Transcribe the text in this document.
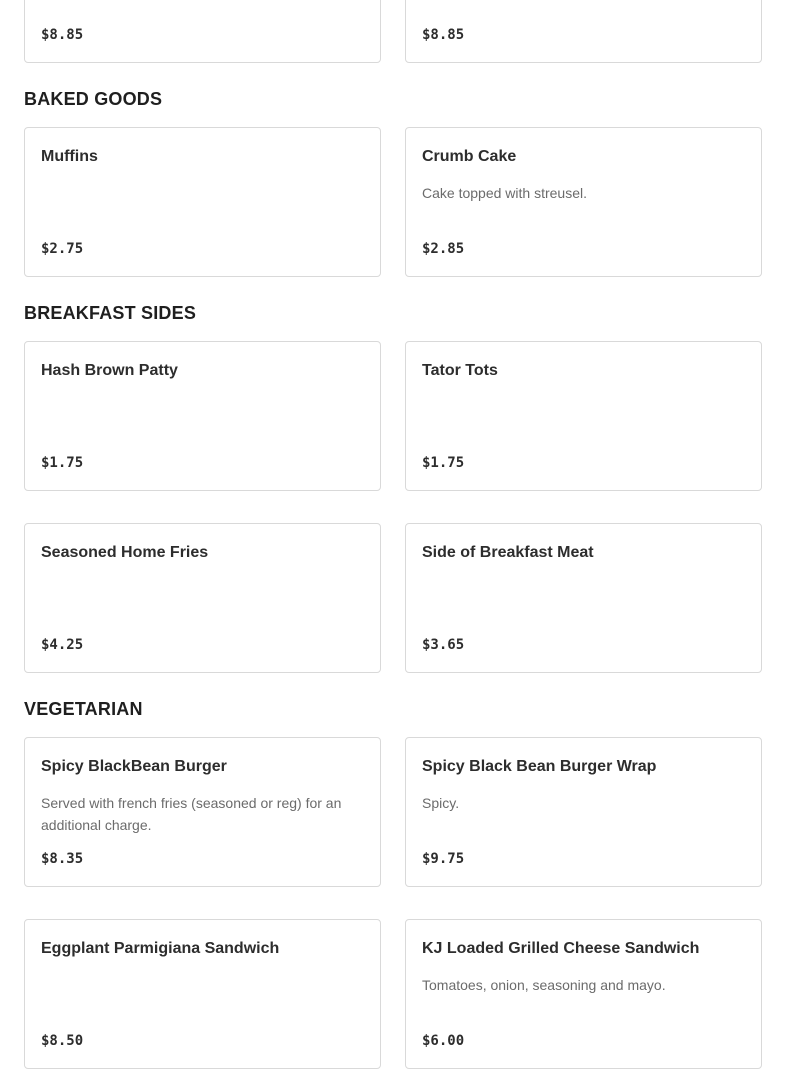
$8.85	$8.85
BAKED GOODS
Muffins
$2.75
Crumb Cake
Cake topped with streusel.
$2.85
BREAKFAST SIDES
Hash Brown Patty
$1.75
Tator Tots
$1.75
Seasoned Home Fries
$4.25
Side of Breakfast Meat
$3.65
VEGETARIAN
Spicy BlackBean Burger
Served with french fries (seasoned or reg) for an additional charge.
$8.35
Spicy Black Bean Burger Wrap
Spicy.
$9.75
Eggplant Parmigiana Sandwich
$8.50
KJ Loaded Grilled Cheese Sandwich
Tomatoes, onion, seasoning and mayo.
$6.00
